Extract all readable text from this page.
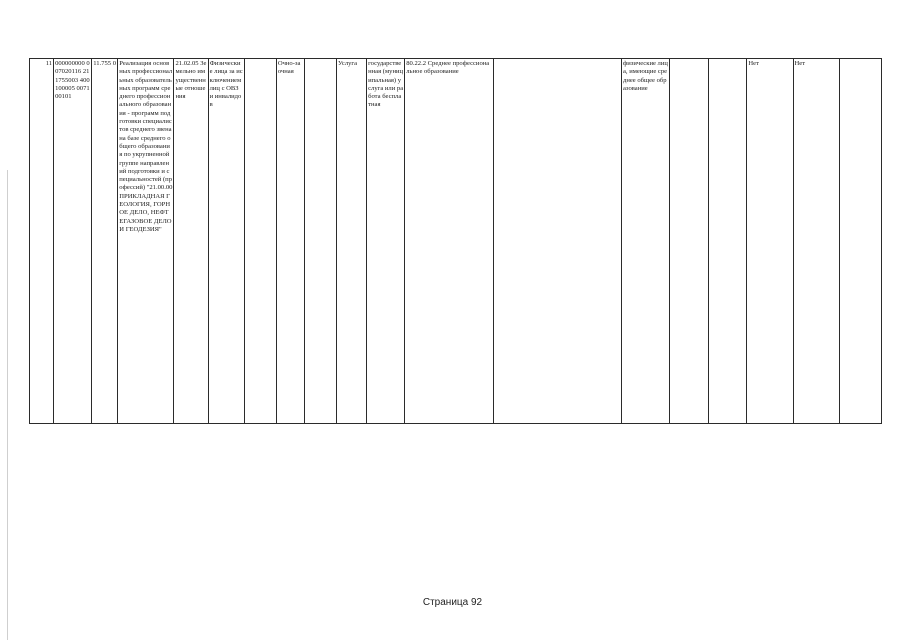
11	000000000 007020116 211755003 400100005 007100101	11.755 0	Реализация основных профессиональных образовательных программ среднего профессионального образования - программ подготовки специалистов среднего звена на базе среднего общего образования по укрупненной группе направлений подготовки и специальностей (профессий) "21.00.00 ПРИКЛАДНАЯ ГЕОЛОГИЯ, ГОРНОЕ ДЕЛО, НЕФТЕГАЗОВОЕ ДЕЛО И ГЕОДЕЗИЯ"	21.02.05 Земельно имущественные отношения	Физические лица за исключением лиц с ОВЗ и инвалидов		Очно-заочная		Услуга	государственная (муниципальная) услуга или работа бесплатная	80.22.2 Среднее профессиональное образование		физические лица, имеющие среднее общее образование			Нет	Нет	
Страница 92
